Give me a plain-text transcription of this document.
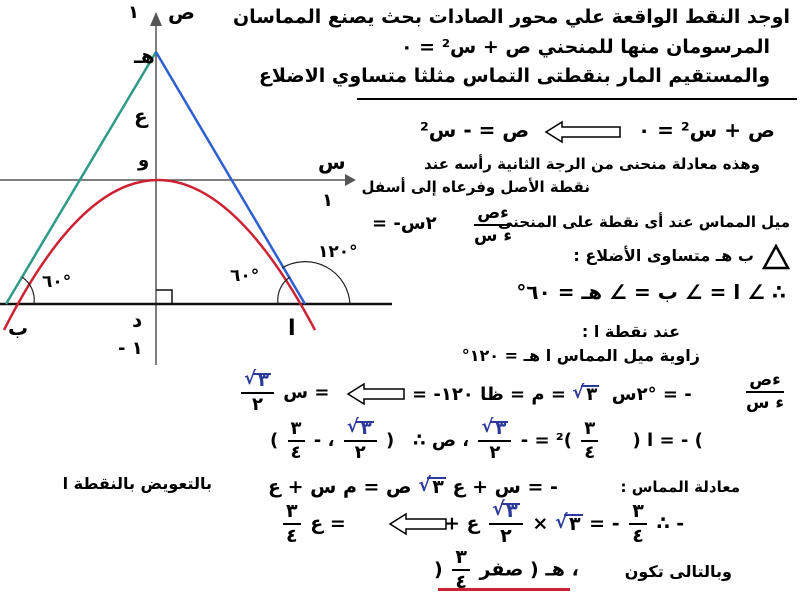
اوجد النقط الواقعة علي محور الصادات بحث يصنع المماسان
المرسومان منها للمنحني ص + س² = ٠
والمستقيم المار بنقطتى التماس مثلثا متساوي الاضلاع
ص
١
هـ
ع
و	س
١
١٢٠°
٦٠°	٦٠°
ب	د	ا
- ١
ص + س² = ٠
ص = - س²
وهذه معادلة منحنى من الرجة الثانية رأسه عند
نقطة الأصل وفرعاه إلى أسفل
ميل المماس عند أى نقطة على المنحنى
$\frac{\text{ءص}}{\text{ء س}}$
= -٢س
ب هـ متساوى الأضلاع :
∴ ∠ ا = ∠ ب = ∠ هـ = ٦٠°
عند نقطة ا :
زاوية ميل المماس ا هـ = ١٢٠°
√ $\frac{٣}{٢}$ س =	= -٢س  √ ٣ = م = ظا ١٢٠° = -	$\frac{\text{ءص}}{\text{ء س}}$
( $\frac{٣}{٤}$ - ، √ $\frac{٣}{٢}$ ) ∴ ا (
$\frac{٣}{٤}$
)² = -
√ $\frac{٣}{٢}$
، ص = - (
معادلة المماس :
س + ع √ ٣ ص = م س + ع = -
بالتعويض بالنقطة ا
$\frac{٣}{٤}$ ع =	+ ع √ $\frac{٣}{٢}$ × √ ٣ = - $\frac{٣}{٤}$ ∴ -
وبالتالى تكون
) $\frac{٣}{٤}$ هـ ( صفر ،
